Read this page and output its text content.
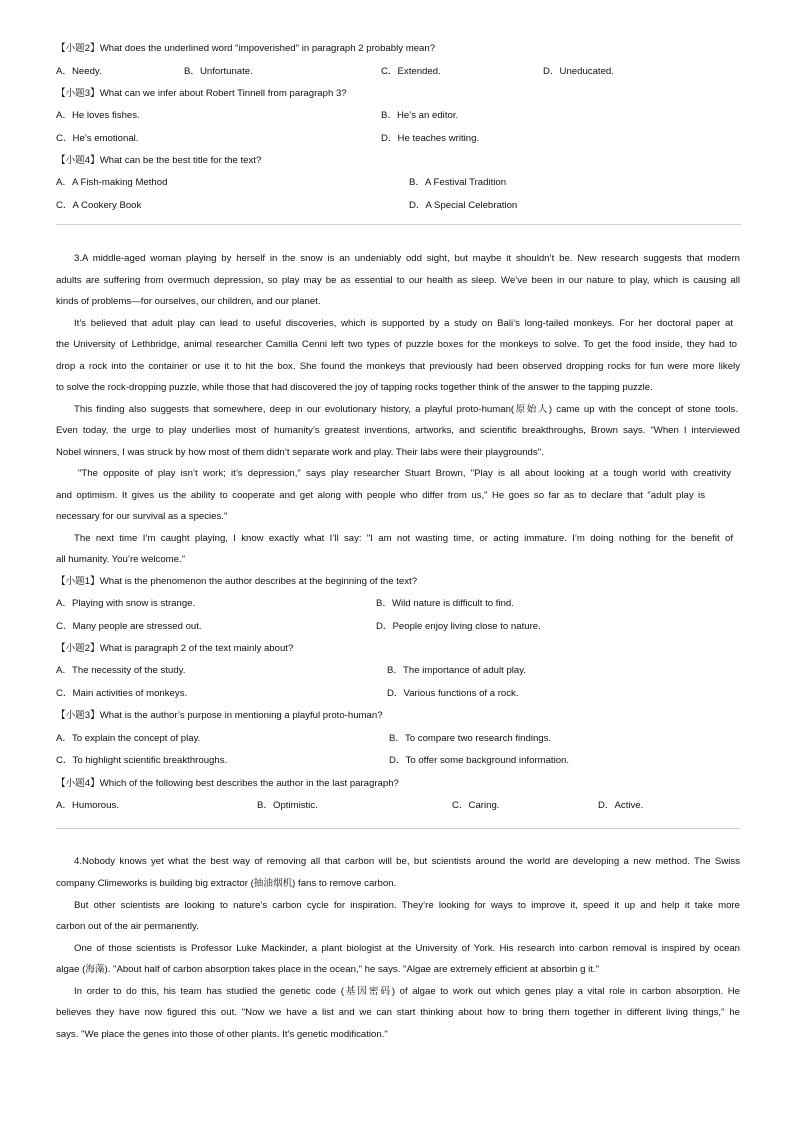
【小题2】What does the underlined word "impoverished" in paragraph 2 probably mean?
A．Needy.	B．Unfortunate.	C．Extended.	D．Uneducated.
【小题3】What can we infer about Robert Tinnell from paragraph 3?
A．He loves fishes.	B．He’s an editor.
C．He’s emotional.	D．He teaches writing.
【小题4】What can be the best title for the text?
A．A Fish-making Method	B．A Festival Tradition
C．A Cookery Book	D．A Special Celebration
3.A middle-aged woman playing by herself in the snow is an undeniably odd sight, but maybe it shouldn’t be. New research suggests that modern
adults are suffering from overmuch depression, so play may be as essential to our health as sleep. We’ve been in our nature to play, which is causing all
kinds of problems—for ourselves, our children, and our planet.
It’s believed that adult play can lead to useful discoveries, which is supported by a study on Bali’s long-tailed monkeys. For her doctoral paper at
the University of Lethbridge, animal researcher Camilla Cenni left two types of puzzle boxes for the monkeys to solve. To get the food inside, they had to
drop a rock into the container or use it to hit the box. She found the monkeys that previously had been observed dropping rocks for fun were more likely
to solve the rock-dropping puzzle, while those that had discovered the joy of tapping rocks together think of the answer to the tapping puzzle.
This finding also suggests that somewhere, deep in our evolutionary history, a playful proto-human(原始人) came up with the concept of stone tools.
Even today, the urge to play underlies most of humanity’s greatest inventions, artworks, and scientific breakthroughs, Brown says. "When I interviewed
Nobel winners, I was struck by how most of them didn’t separate work and play. Their labs were their playgrounds".
"The opposite of play isn’t work; it’s depression," says play researcher Stuart Brown, "Play is all about looking at a tough world with creativity
and optimism. It gives us the ability to cooperate and get along with people who differ from us," He goes so far as to declare that "adult play is
necessary for our survival as a species."
The next time I’m caught playing, I know exactly what I’ll say: "I am not wasting time, or acting immature. I’m doing nothing for the benefit of
all humanity. You’re welcome."
【小题1】What is the phenomenon the author describes at the beginning of the text?
A．Playing with snow is strange.	B．Wild nature is difficult to find.
C．Many people are stressed out.	D．People enjoy living close to nature.
【小题2】What is paragraph 2 of the text mainly about?
A．The necessity of the study.	B．The importance of adult play.
C．Main activities of monkeys.	D．Various functions of a rock.
【小题3】What is the author’s purpose in mentioning a playful proto-human?
A．To explain the concept of play.	B．To compare two research findings.
C．To highlight scientific breakthroughs.	D．To offer some background information.
【小题4】Which of the following best describes the author in the last paragraph?
A．Humorous.	B．Optimistic.	C．Caring.	D．Active.
4.Nobody knows yet what the best way of removing all that carbon will be, but scientists around the world are developing a new method. The Swiss
company Climeworks is building big extractor (抽油烟机) fans to remove carbon.
But other scientists are looking to nature’s carbon cycle for inspiration. They’re looking for ways to improve it, speed it up and help it take more
carbon out of the air permanently.
One of those scientists is Professor Luke Mackinder, a plant biologist at the University of York. His research into carbon removal is inspired by ocean
algae (海藻). "About half of carbon absorption takes place in the ocean," he says. "Algae are extremely efficient at absorbin g it."
In order to do this, his team has studied the genetic code (基因密码) of algae to work out which genes play a vital role in carbon absorption. He
believes they have now figured this out. "Now we have a list and we can start thinking about how to bring them together in different living things," he
says. "We place the genes into those of other plants. It’s genetic modification."
